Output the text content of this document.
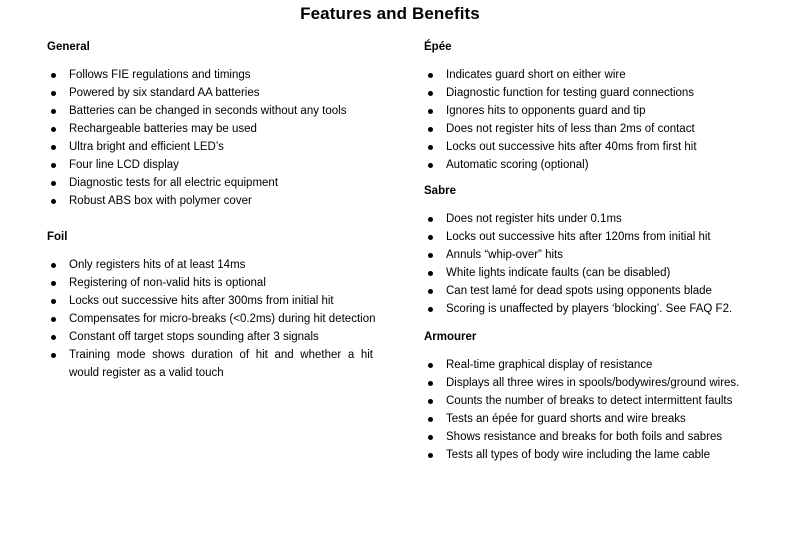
Features and Benefits
General
Follows FIE regulations and timings
Powered by six standard AA batteries
Batteries can be changed in seconds without any tools
Rechargeable batteries may be used
Ultra bright and efficient LED’s
Four line LCD display
Diagnostic tests for all electric equipment
Robust ABS box with polymer cover
Foil
Only registers hits of at least 14ms
Registering of non-valid hits is optional
Locks out successive hits after 300ms from initial hit
Compensates for micro-breaks (<0.2ms) during hit detection
Constant off target stops sounding after 3 signals
Training mode shows duration of hit and whether a hit would register as a valid touch
Épée
Indicates guard short on either wire
Diagnostic function for testing guard connections
Ignores hits to opponents guard and tip
Does not register hits of less than 2ms of contact
Locks out successive hits after 40ms from first hit
Automatic scoring (optional)
Sabre
Does not register hits under 0.1ms
Locks out successive hits after 120ms from initial hit
Annuls “whip-over” hits
White lights indicate faults (can be disabled)
Can test lamé for dead spots using opponents blade
Scoring is unaffected by players ‘blocking’. See FAQ F2.
Armourer
Real-time graphical display of resistance
Displays all three wires in spools/bodywires/ground wires.
Counts the number of breaks to detect intermittent faults
Tests an épée for guard shorts and wire breaks
Shows resistance and breaks for both foils and sabres
Tests all types of body wire including the lame cable
